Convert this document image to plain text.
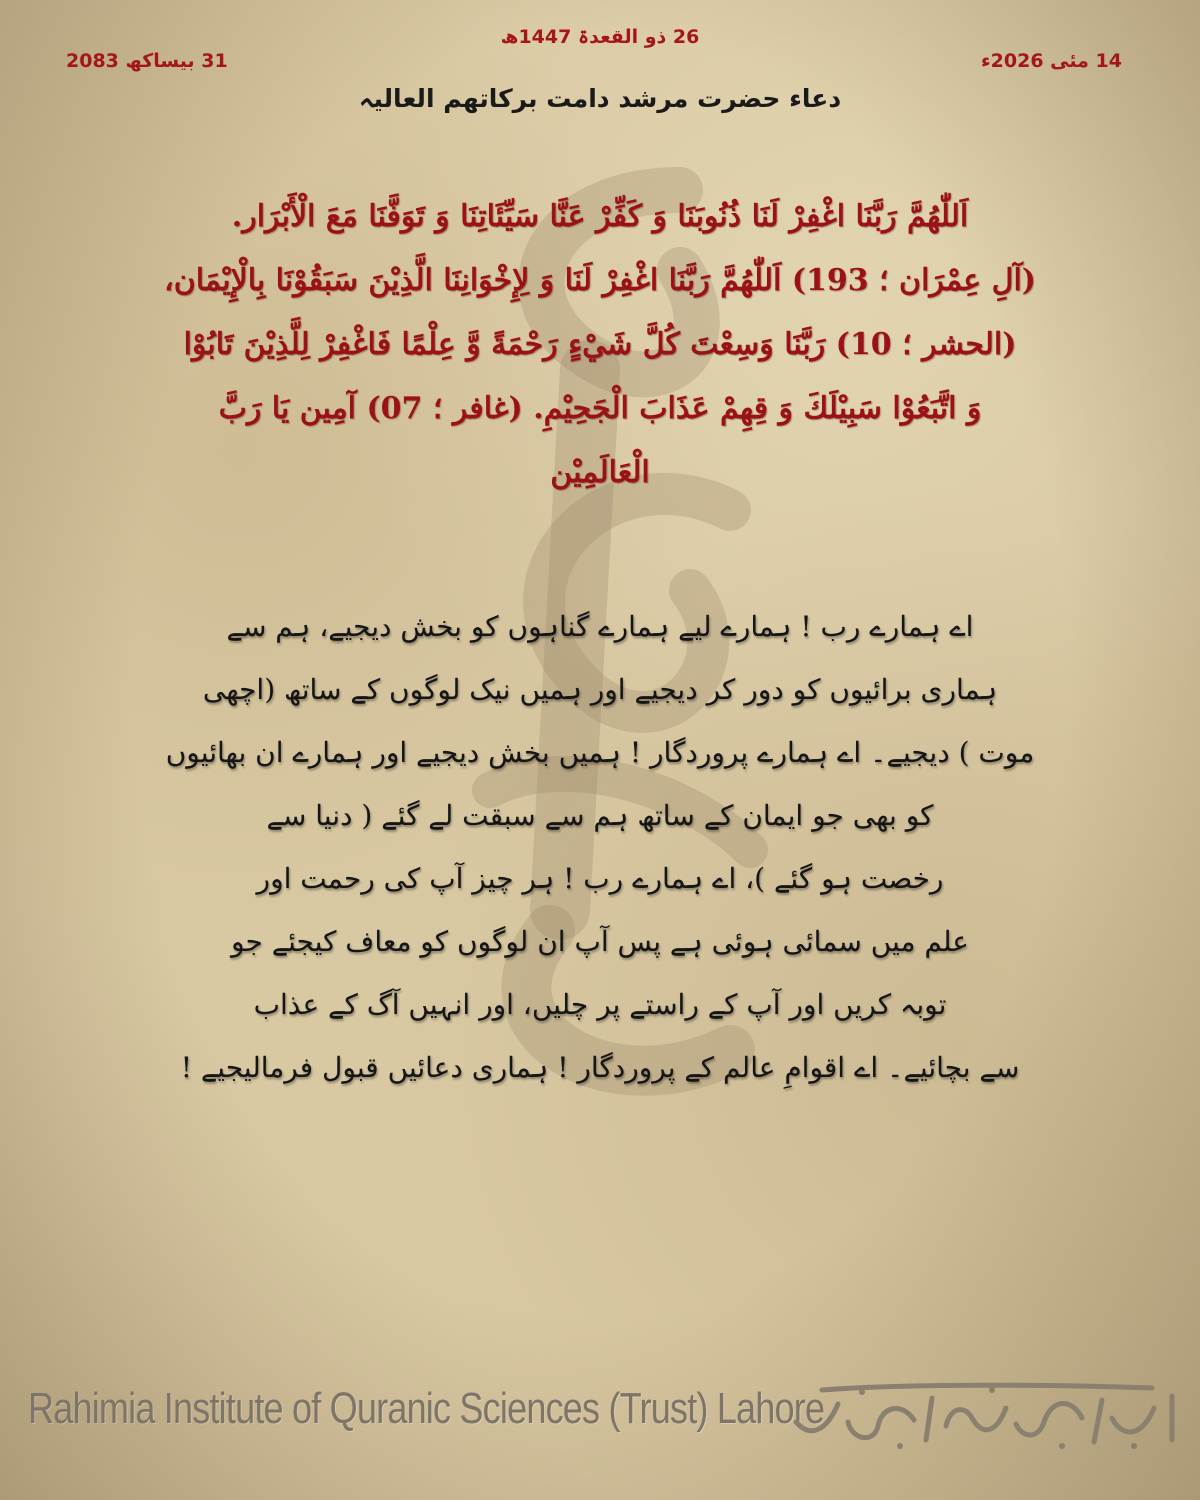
26 ذو القعدۃ 1447ھ
14 مئی 2026ء
31 بیساکھ 2083
دعاء حضرت مرشد دامت برکاتھم العالیہ
اَللّٰهُمَّ رَبَّنَا اغْفِرْ لَنَا ذُنُوبَنَا وَ كَفِّرْ عَنَّا سَيِّئَاتِنَا وَ تَوَفَّنَا مَعَ الْأَبْرَار.
(آلِ عِمْرَان ؛ 193) اَللّٰهُمَّ رَبَّنَا اغْفِرْ لَنَا وَ لِإِخْوَانِنَا الَّذِيْنَ سَبَقُوْنَا بِالْإِيْمَان،
(الحشر ؛ 10) رَبَّنَا وَسِعْتَ كُلَّ شَيْءٍ رَحْمَةً وَّ عِلْمًا فَاغْفِرْ لِلَّذِيْنَ تَابُوْا
وَ اتَّبَعُوْا سَبِيْلَكَ وَ قِهِمْ عَذَابَ الْجَحِيْمِ. (غافر ؛ 07) آمِين يَا رَبَّ
الْعَالَمِيْن
اے ہمارے رب ! ہمارے لیے ہمارے گناہوں کو بخش دیجیے، ہم سے
ہماری برائیوں کو دور کر دیجیے اور ہمیں نیک لوگوں کے ساتھ (اچھی
موت ) دیجیے۔ اے ہمارے پروردگار ! ہمیں بخش دیجیے اور ہمارے ان بھائیوں
کو بھی جو ایمان کے ساتھ ہم سے سبقت لے گئے ( دنیا سے
رخصت ہو گئے )، اے ہمارے رب ! ہر چیز آپ کی رحمت اور
علم میں سمائی ہوئی ہے پس آپ ان لوگوں کو معاف کیجئے جو
توبہ کریں اور آپ کے راستے پر چلیں، اور انہیں آگ کے عذاب
سے بچائیے۔ اے اقوامِ عالم کے پروردگار ! ہماری دعائیں قبول فرمالیجیے !
Rahimia Institute of Quranic Sciences (Trust) Lahore
